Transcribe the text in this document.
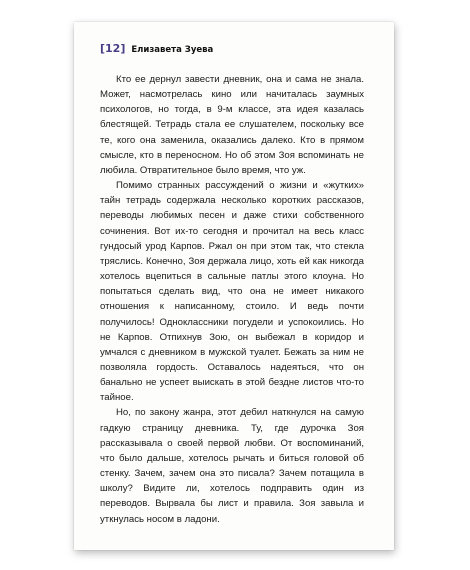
[12] Елизавета Зуева

Кто ее дернул завести дневник, она и сама не знала. Может, насмотрелась кино или начиталась заумных психологов, но тогда, в 9-м классе, эта идея казалась блестящей. Тетрадь стала ее слушателем, поскольку все те, кого она заменила, оказались далеко. Кто в прямом смысле, кто в переносном. Но об этом Зоя вспоминать не любила. Отвратительное было время, что уж.

Помимо странных рассуждений о жизни и «жутких» тайн тетрадь содержала несколько коротких рассказов, переводы любимых песен и даже стихи собственного сочинения. Вот их-то сегодня и прочитал на весь класс гундосый урод Карпов. Ржал он при этом так, что стекла тряслись. Конечно, Зоя держала лицо, хоть ей как никогда хотелось вцепиться в сальные патлы этого клоуна. Но попытаться сделать вид, что она не имеет никакого отношения к написанному, стоило. И ведь почти получилось! Одноклассники погудели и успокоились. Но не Карпов. Отпихнув Зою, он выбежал в коридор и умчался с дневником в мужской туалет. Бежать за ним не позволяла гордость. Оставалось надеяться, что он банально не успеет выискать в этой бездне листов что-то тайное.

Но, по закону жанра, этот дебил наткнулся на самую гадкую страницу дневника. Ту, где дурочка Зоя рассказывала о своей первой любви. От воспоминаний, что было дальше, хотелось рычать и биться головой об стенку. Зачем, зачем она это писала? Зачем потащила в школу? Видите ли, хотелось подправить один из переводов. Вырвала бы лист и правила. Зоя завыла и уткнулась носом в ладони.
